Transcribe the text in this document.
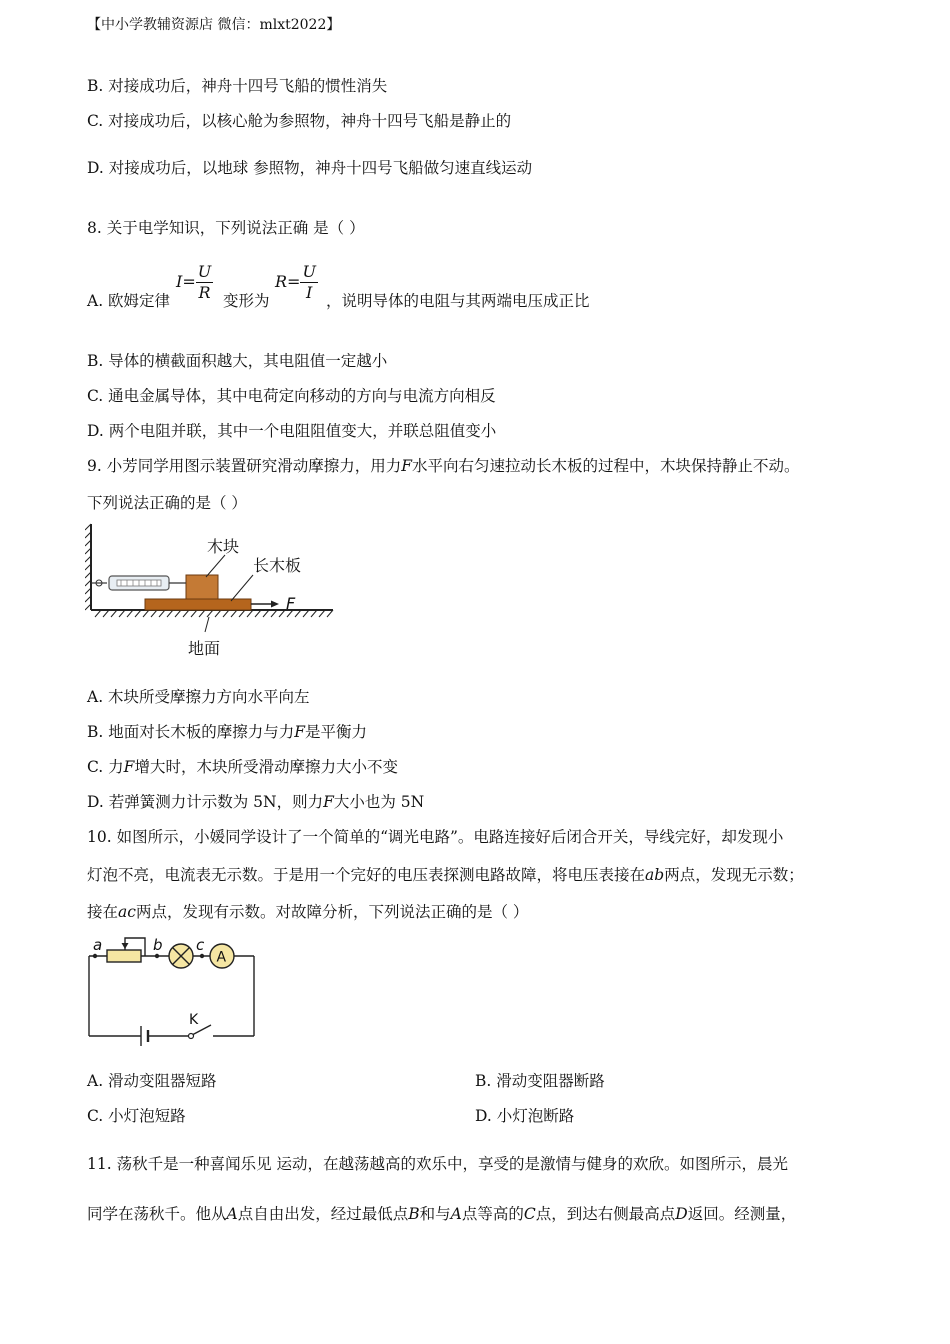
【中小学教辅资源店 微信：mlxt2022】
B. 对接成功后，神舟十四号飞船的惯性消失
C. 对接成功后，以核心舱为参照物，神舟十四号飞船是静止的
D. 对接成功后，以地球 参照物，神舟十四号飞船做匀速直线运动
8. 关于电学知识，下列说法正确 是（ ）
A. 欧姆定律
$I= \frac{U}{R}$ 变形为
$R= \frac{U}{I}$ ，说明导体的电阻与其两端电压成正比
B. 导体的横截面积越大，其电阻值一定越小
C. 通电金属导体，其中电荷定向移动的方向与电流方向相反
D. 两个电阻并联，其中一个电阻阻值变大，并联总阻值变小
9. 小芳同学用图示装置研究滑动摩擦力，用力F水平向右匀速拉动长木板的过程中，木块保持静止不动。
下列说法正确的是（ ）
F
木块
长木板
地面
A. 木块所受摩擦力方向水平向左
B. 地面对长木板的摩擦力与力F是平衡力
C. 力F增大时，木块所受滑动摩擦力大小不变
D. 若弹簧测力计示数为 5N，则力F大小也为 5N
10. 如图所示，小媛同学设计了一个简单的“调光电路”。电路连接好后闭合开关，导线完好，却发现小
灯泡不亮，电流表无示数。于是用一个完好的电压表探测电路故障，将电压表接在ab两点，发现无示数；
接在ac两点，发现有示数。对故障分析，下列说法正确的是（ ）
A
K
a	b c
A. 滑动变阻器短路	B. 滑动变阻器断路
C. 小灯泡短路	D. 小灯泡断路
11. 荡秋千是一种喜闻乐见 运动，在越荡越高的欢乐中，享受的是激情与健身的欢欣。如图所示，晨光
同学在荡秋千。他从A点自由出发，经过最低点B和与A点等高的C点，到达右侧最高点D返回。经测量，
